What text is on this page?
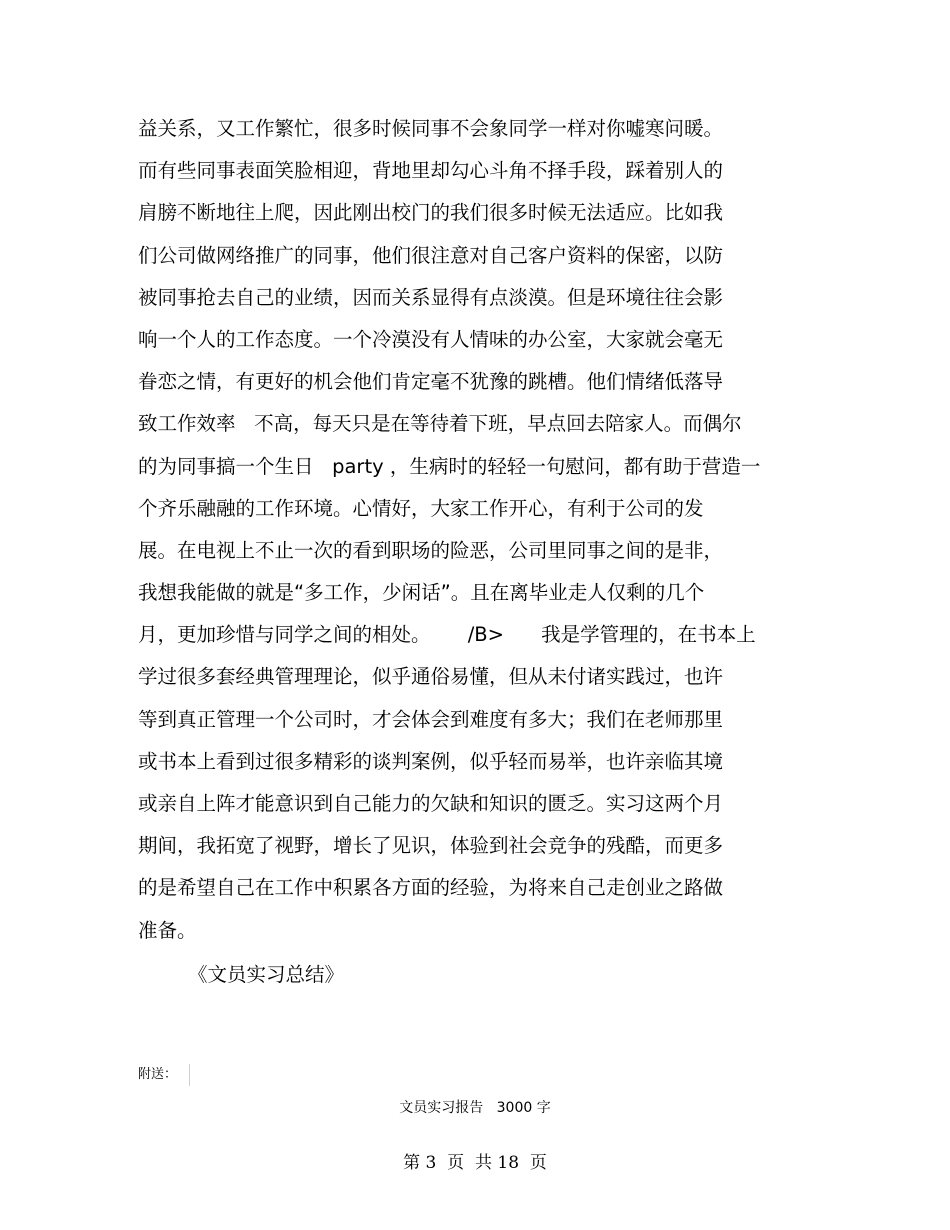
益关系，又工作繁忙，很多时候同事不会象同学一样对你嘘寒问暖。
而有些同事表面笑脸相迎，背地里却勾心斗角不择手段，踩着别人的
肩膀不断地往上爬，因此刚出校门的我们很多时候无法适应。比如我
们公司做网络推广的同事，他们很注意对自己客户资料的保密，以防
被同事抢去自己的业绩，因而关系显得有点淡漠。但是环境往往会影
响一个人的工作态度。一个冷漠没有人情味的办公室，大家就会毫无
眷恋之情，有更好的机会他们肯定毫不犹豫的跳槽。他们情绪低落导
致工作效率   不高，每天只是在等待着下班，早点回去陪家人。而偶尔
的为同事搞一个生日   party ，生病时的轻轻一句慰问，都有助于营造一
个齐乐融融的工作环境。心情好，大家工作开心，有利于公司的发
展。在电视上不止一次的看到职场的险恶，公司里同事之间的是非，
我想我能做的就是“多工作，少闲话”。且在离毕业走人仅剩的几个
月，更加珍惜与同学之间的相处。      /B>      我是学管理的，在书本上
学过很多套经典管理理论，似乎通俗易懂，但从未付诸实践过，也许
等到真正管理一个公司时，才会体会到难度有多大；我们在老师那里
或书本上看到过很多精彩的谈判案例，似乎轻而易举，也许亲临其境
或亲自上阵才能意识到自己能力的欠缺和知识的匮乏。实习这两个月
期间，我拓宽了视野，增长了见识，体验到社会竞争的残酷，而更多
的是希望自己在工作中积累各方面的经验，为将来自己走创业之路做
准备。
《文员实习总结》
附送：
文员实习报告   3000 字
第 3  页  共 18  页
